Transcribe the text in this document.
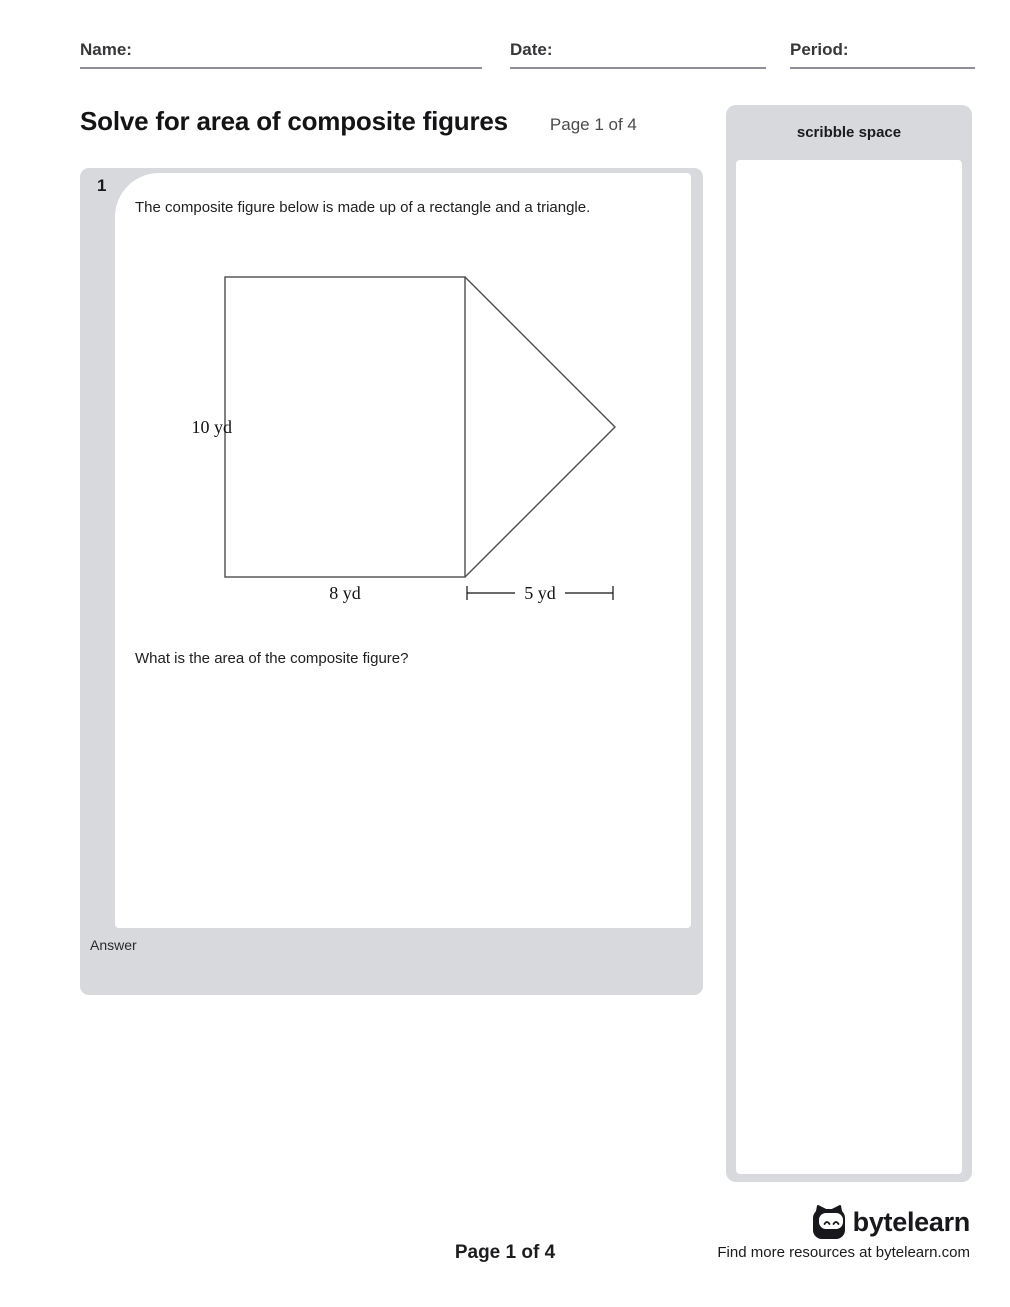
Name:	Date:	Period:
Solve for area of composite figures Page 1 of 4
1

The composite figure below is made up of a rectangle and a triangle.

10 yd
8 yd	5 yd

What is the area of the composite figure?

Answer
scribble space
Page 1 of 4
bytelearn
Find more resources at bytelearn.com
